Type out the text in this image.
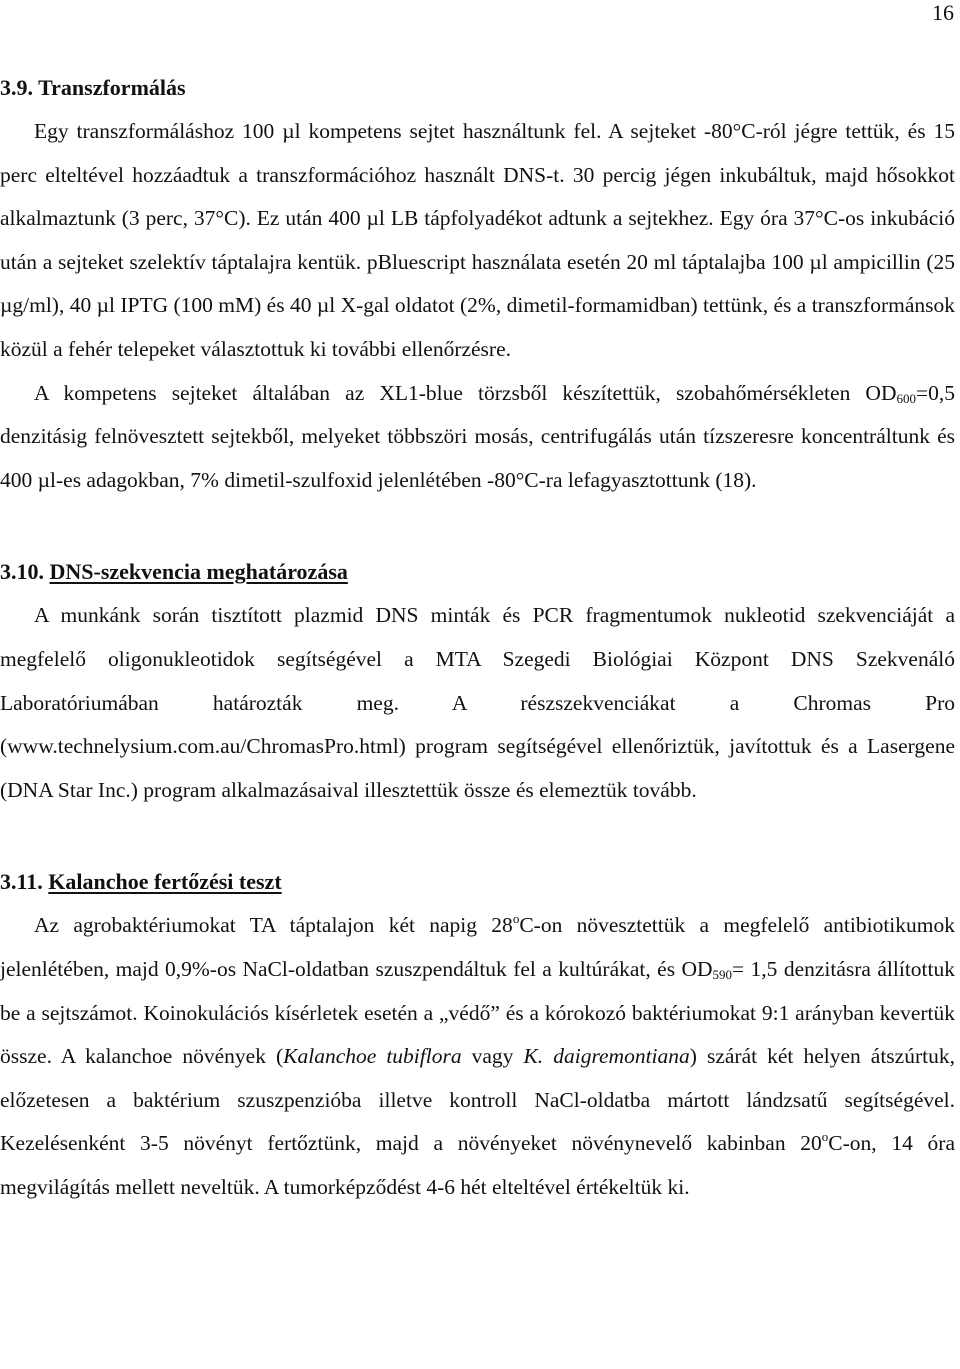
16
3.9. Transzformálás

Egy transzformáláshoz 100 µl kompetens sejtet használtunk fel. A sejteket -80°C-ról jégre tettük, és 15 perc elteltével hozzáadtuk a transzformációhoz használt DNS-t. 30 percig jégen inkubáltuk, majd hősokkot alkalmaztunk (3 perc, 37°C). Ez után 400 µl LB tápfolyadékot adtunk a sejtekhez. Egy óra 37°C-os inkubáció után a sejteket szelektív táptalajra kentük. pBluescript használata esetén 20 ml táptalajba 100 µl ampicillin (25 µg/ml), 40 µl IPTG (100 mM) és 40 µl X-gal oldatot (2%, dimetil-formamidban) tettünk, és a transzformánsok közül a fehér telepeket választottuk ki további ellenőrzésre.

A kompetens sejteket általában az XL1-blue törzsből készítettük, szobahőmérsékleten $OD_{600}=0,5$ denzitásig felnövesztett sejtekből, melyeket többszöri mosás, centrifugálás után tízszeresre koncentráltunk és 400 µl-es adagokban, 7% dimetil-szulfoxid jelenlétében -80°C-ra lefagyasztottunk (18).

3.10. DNS-szekvencia meghatározása

A munkánk során tisztított plazmid DNS minták és PCR fragmentumok nukleotid szekvenciáját a megfelelő oligonukleotidok segítségével a MTA Szegedi Biológiai Központ DNS Szekvenáló Laboratóriumában határozták meg. A részszekvenciákat a Chromas Pro (www.technelysium.com.au/ChromasPro.html) program segítségével ellenőriztük, javítottuk és a Lasergene (DNA Star Inc.) program alkalmazásaival illesztettük össze és elemeztük tovább.

3.11. Kalanchoe fertőzési teszt

Az agrobaktériumokat TA táptalajon két napig 28$^o$C-on növesztettük a megfelelő antibiotikumok jelenlétében, majd 0,9%-os NaCl-oldatban szuszpendáltuk fel a kultúrákat, és $OD_{590}= 1,5$ denzitásra állítottuk be a sejtszámot. Koinokulációs kísérletek esetén a „védő” és a kórokozó baktériumokat 9:1 arányban kevertük össze. A kalanchoe növények (Kalanchoe tubiflora vagy K. daigremontiana) szárát két helyen átszúrtuk, előzetesen a baktérium szuszpenzióba illetve kontroll NaCl-oldatba mártott lándzsatű segítségével. Kezelésenként 3-5 növényt fertőztünk, majd a növényeket növénynevelő kabinban 20$^o$C-on, 14 óra megvilágítás mellett neveltük. A tumorképződést 4-6 hét elteltével értékeltük ki.
